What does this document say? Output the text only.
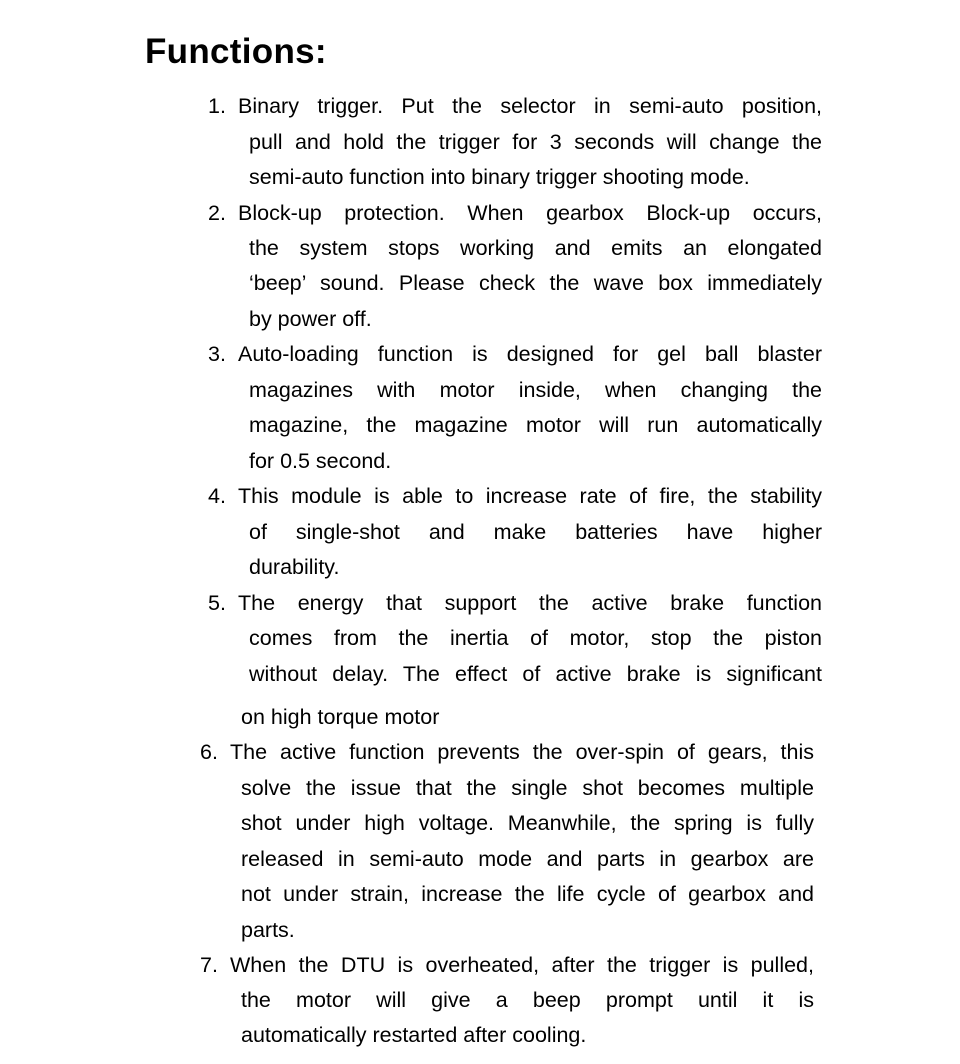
Functions:
1. Binary trigger. Put the selector in semi-auto position,
pull and hold the trigger for 3 seconds will change the
semi-auto function into binary trigger shooting mode.
2. Block-up protection. When gearbox Block-up occurs,
the system stops working and emits an elongated
‘beep’ sound. Please check the wave box immediately
by power off.
3. Auto-loading function is designed for gel ball blaster
magazines with motor inside, when changing the
magazine, the magazine motor will run automatically
for 0.5 second.
4. This module is able to increase rate of fire, the stability
of single-shot and make batteries have higher
durability.
5. The energy that support the active brake function
comes from the inertia of motor, stop the piston
without delay. The effect of active brake is significant
on high torque motor
6. The active function prevents the over-spin of gears, this
solve the issue that the single shot becomes multiple
shot under high voltage. Meanwhile, the spring is fully
released in semi-auto mode and parts in gearbox are
not under strain, increase the life cycle of gearbox and
parts.
7. When the DTU is overheated, after the trigger is pulled,
the motor will give a beep prompt until it is
automatically restarted after cooling.
